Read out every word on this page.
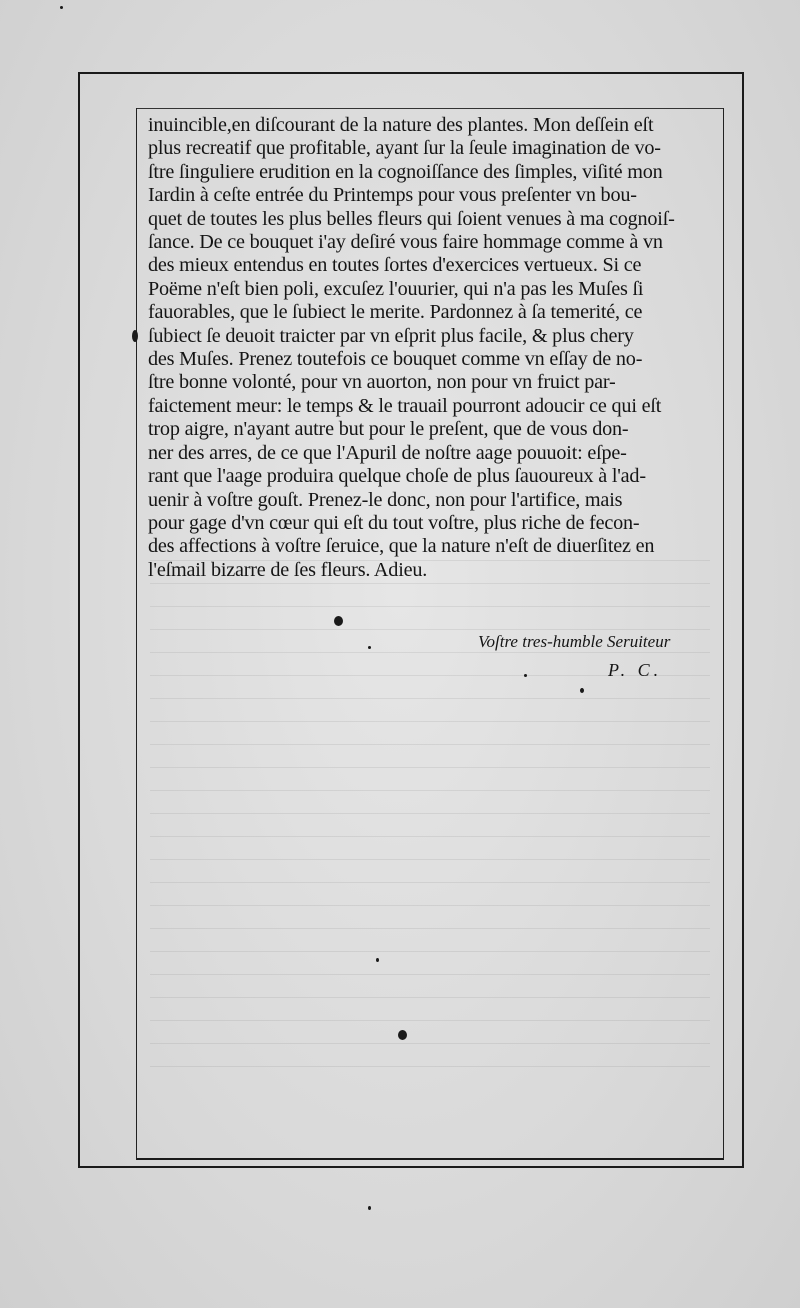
inuincible,en diſcourant de la nature des plantes. Mon deſſein eſt
plus recreatif que profitable, ayant ſur la ſeule imagination de vo-
ſtre ſinguliere erudition en la cognoiſſance des ſimples, viſité mon
Iardin à ceſte entrée du Printemps pour vous preſenter vn bou-
quet de toutes les plus belles fleurs qui ſoient venues à ma cognoiſ-
ſance. De ce bouquet i'ay deſiré vous faire hommage comme à vn
des mieux entendus en toutes ſortes d'exercices vertueux. Si ce
Poëme n'eſt bien poli, excuſez l'ouurier, qui n'a pas les Muſes ſi
fauorables, que le ſubiect le merite. Pardonnez à ſa temerité, ce
ſubiect ſe deuoit traicter par vn eſprit plus facile, & plus chery
des Muſes. Prenez toutefois ce bouquet comme vn eſſay de no-
ſtre bonne volonté, pour vn auorton, non pour vn fruict par-
faictement meur: le temps & le trauail pourront adoucir ce qui eſt
trop aigre, n'ayant autre but pour le preſent, que de vous don-
ner des arres, de ce que l'Apuril de noſtre aage pouuoit: eſpe-
rant que l'aage produira quelque choſe de plus ſauoureux à l'ad-
uenir à voſtre gouſt. Prenez-le donc, non pour l'artifice, mais
pour gage d'vn cœur qui eſt du tout voſtre, plus riche de fecon-
des affections à voſtre ſeruice, que la nature n'eſt de diuerſitez en
l'eſmail bizarre de ſes fleurs. Adieu.
Voſtre tres-humble Seruiteur
P. C.
